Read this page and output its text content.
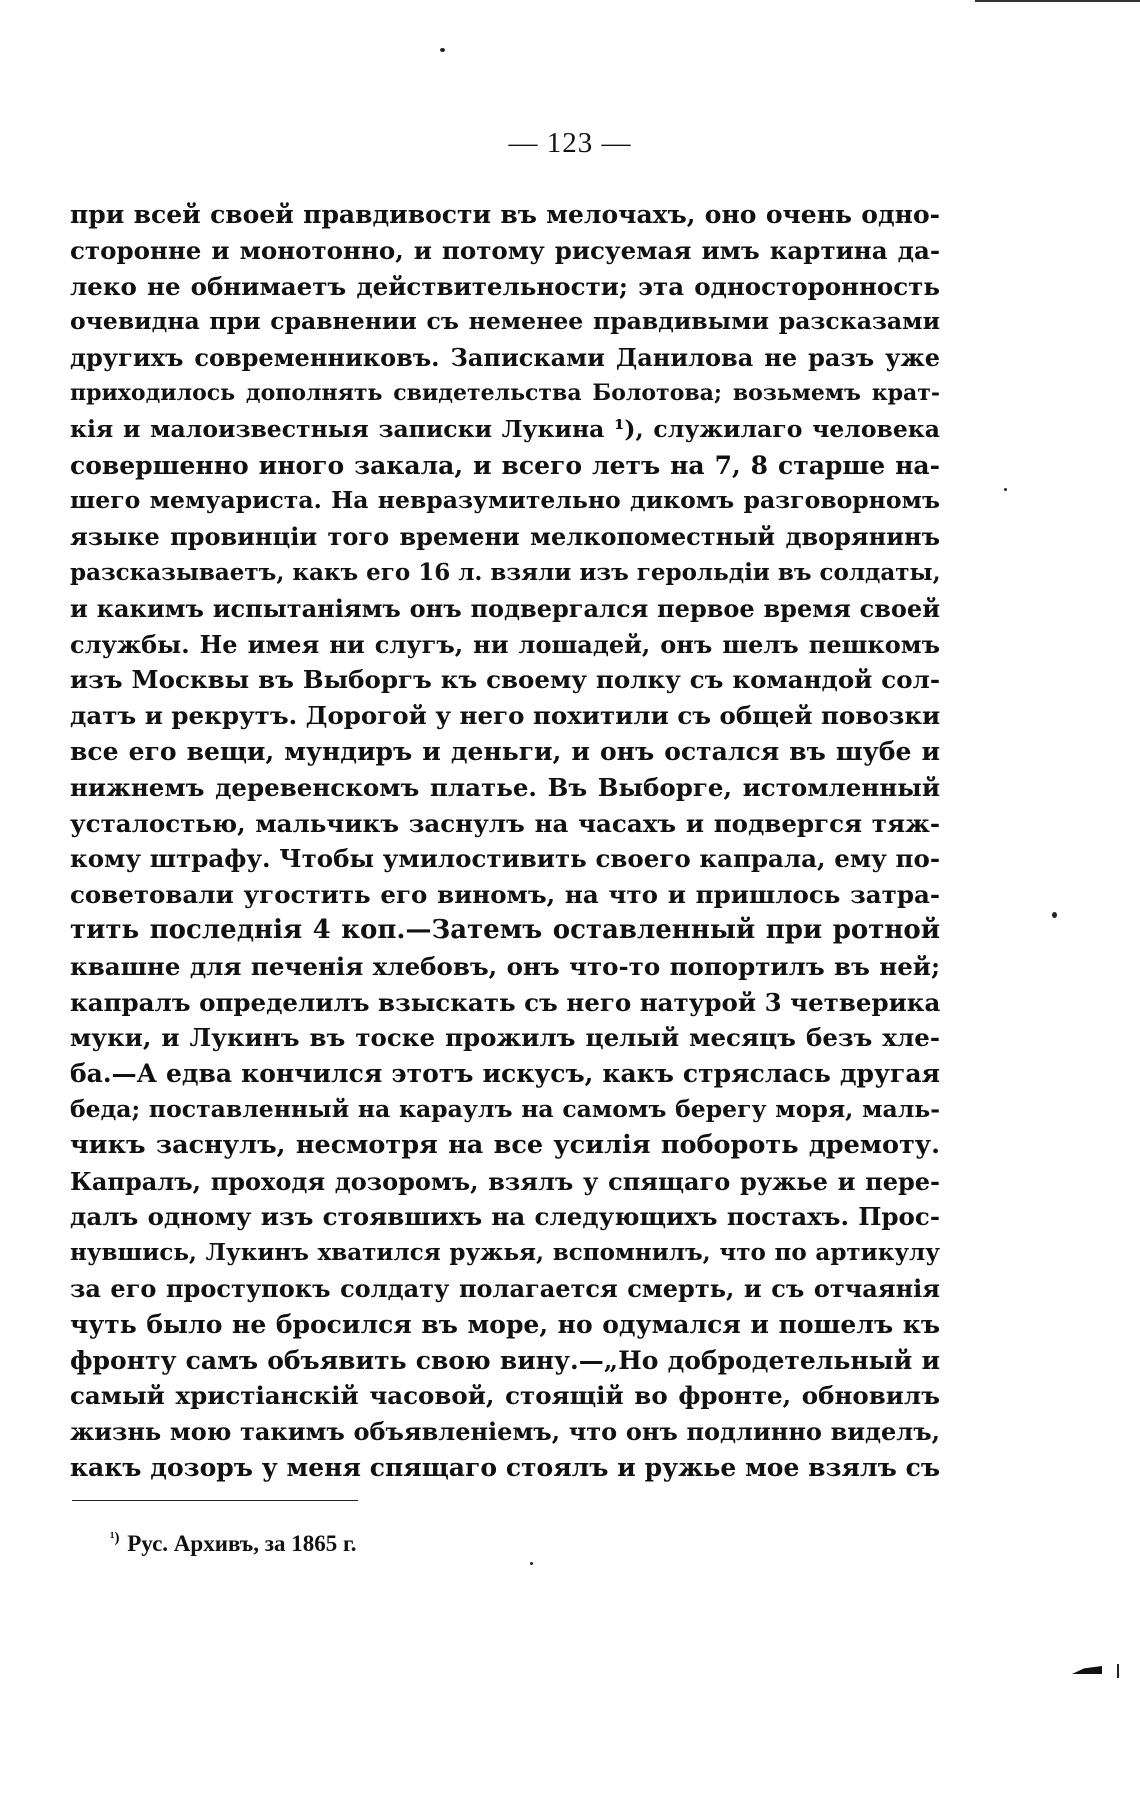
— 123 —
при всей своей правдивости въ мелочахъ, оно очень одно-
сторонне и монотонно, и потому рисуемая имъ картина да-
леко не обнимаетъ действительности; эта односторонность
очевидна при сравнении съ неменее правдивыми разсказами
другихъ современниковъ. Записками Данилова не разъ уже
приходилось дополнять свидетельства Болотова; возьмемъ крат-
кія и малоизвестныя записки Лукина ¹), служилаго человека
совершенно иного закала, и всего летъ на 7, 8 старше на-
шего мемуариста. На невразумительно дикомъ разговорномъ
языке провинціи того времени мелкопоместный дворянинъ
разсказываетъ, какъ его 16 л. взяли изъ герольдіи въ солдаты,
и какимъ испытаніямъ онъ подвергался первое время своей
службы. Не имея ни слугъ, ни лошадей, онъ шелъ пешкомъ
изъ Москвы въ Выборгъ къ своему полку съ командой сол-
датъ и рекрутъ. Дорогой у него похитили съ общей повозки
все его вещи, мундиръ и деньги, и онъ остался въ шубе и
нижнемъ деревенскомъ платье. Въ Выборге, истомленный
усталостью, мальчикъ заснулъ на часахъ и подвергся тяж-
кому штрафу. Чтобы умилостивить своего капрала, ему по-
советовали угостить его виномъ, на что и пришлось затра-
тить последнія 4 коп.—Затемъ оставленный при ротной
квашне для печенія хлебовъ, онъ что-то попортилъ въ ней;
капралъ определилъ взыскать съ него натурой 3 четверика
муки, и Лукинъ въ тоске прожилъ целый месяцъ безъ хле-
ба.—А едва кончился этотъ искусъ, какъ стряслась другая
беда; поставленный на караулъ на самомъ берегу моря, маль-
чикъ заснулъ, несмотря на все усилія побороть дремоту.
Капралъ, проходя дозоромъ, взялъ у спящаго ружье и пере-
далъ одному изъ стоявшихъ на следующихъ постахъ. Прос-
нувшись, Лукинъ хватился ружья, вспомнилъ, что по артикулу
за его проступокъ солдату полагается смерть, и съ отчаянія
чуть было не бросился въ море, но одумался и пошелъ къ
фронту самъ объявить свою вину.—„Но добродетельный и
самый христіанскій часовой, стоящій во фронте, обновилъ
жизнь мою такимъ объявленіемъ, что онъ подлинно виделъ,
какъ дозоръ у меня спящаго стоялъ и ружье мое взялъ съ
$^{^1)}$ Рус. Архивъ, за 1865 г.
